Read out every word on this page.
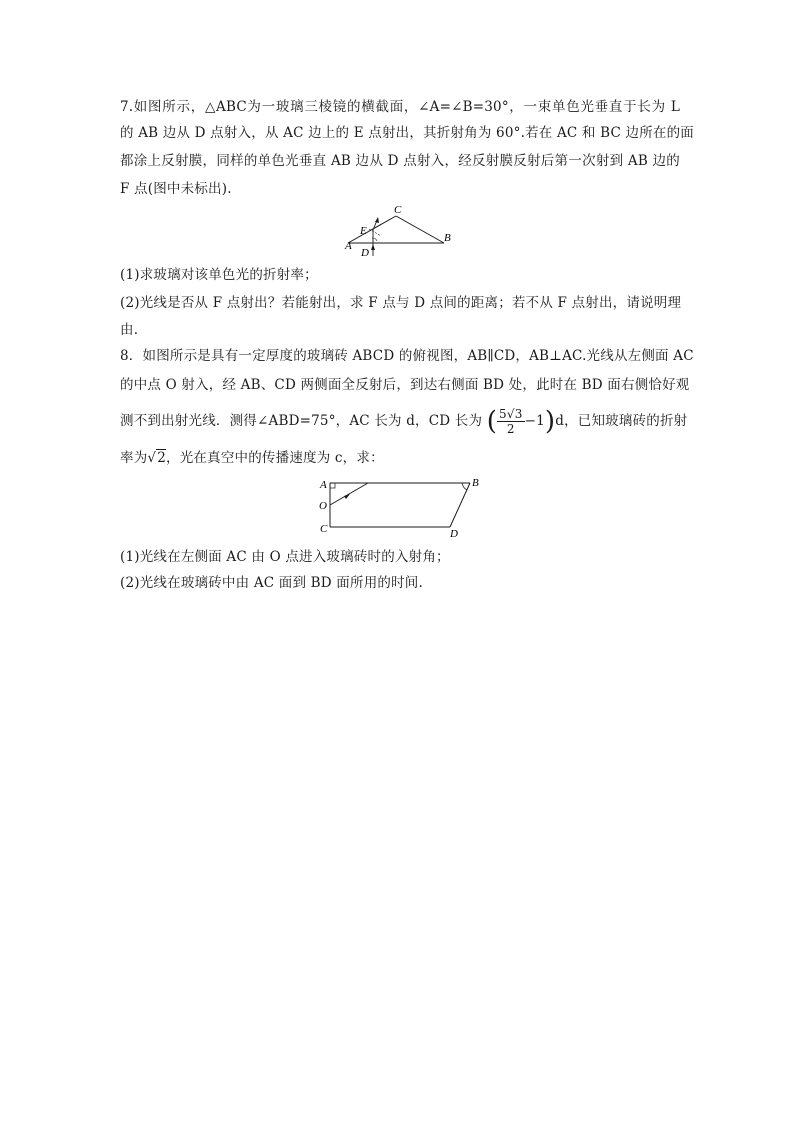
7.如图所示，△ABC为一玻璃三棱镜的横截面，∠A=∠B=30°，一束单色光垂直于长为 L
的 AB 边从 D 点射入，从 AC 边上的 E 点射出，其折射角为 60°.若在 AC 和 BC 边所在的面
都涂上反射膜，同样的单色光垂直 AB 边从 D 点射入，经反射膜反射后第一次射到 AB 边的
F 点(图中未标出).
A
B
C
D
E
(1)求玻璃对该单色光的折射率；
(2)光线是否从 F 点射出？若能射出，求 F 点与 D 点间的距离；若不从 F 点射出，请说明理
由.
8．如图所示是具有一定厚度的玻璃砖 ABCD 的俯视图，AB∥CD，AB⊥AC.光线从左侧面 AC
的中点 O 射入，经 AB、CD 两侧面全反射后，到达右侧面 BD 处，此时在 BD 面右侧恰好观
测不到出射光线．测得∠ABD=75°，AC 长为 d，CD 长为 ( $\frac{5√3}{2} -1)d$，已知玻璃砖的折射
率为√2，光在真空中的传播速度为 c，求：
A	B
C	D
O
(1)光线在左侧面 AC 由 O 点进入玻璃砖时的入射角；
(2)光线在玻璃砖中由 AC 面到 BD 面所用的时间.
